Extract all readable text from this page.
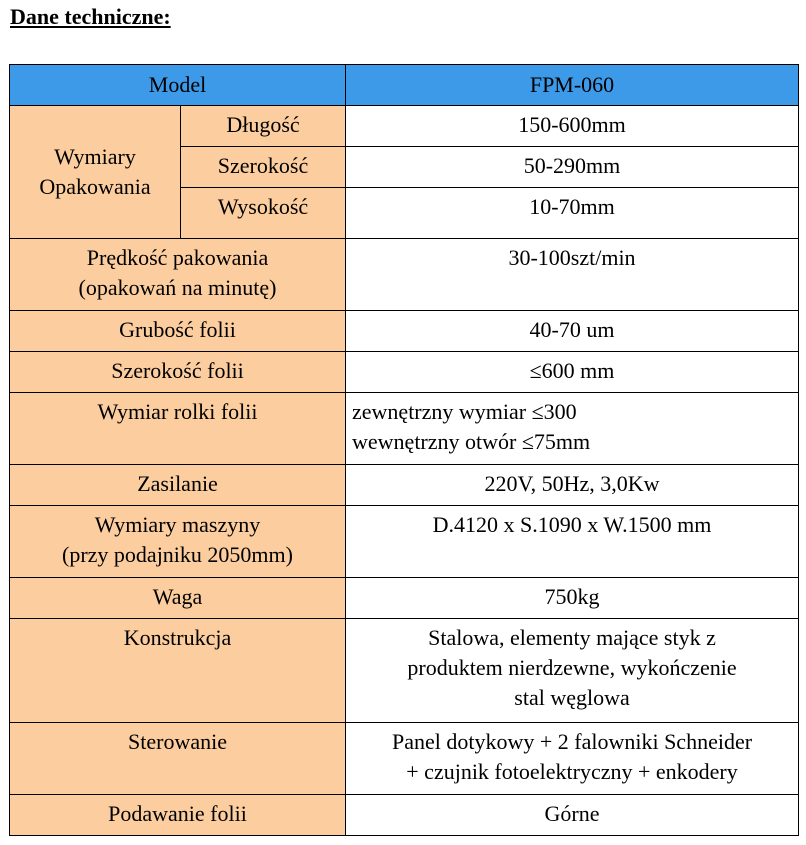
Dane techniczne:
Model		FPM-060

Wymiary
Opakowania	Długość	150-600mm
	Szerokość	50-290mm
	Wysokość	10-70mm

Prędkość pakowania
(opakowań na minutę)		30-100szt/min

Grubość folii		40-70 um

Szerokość folii		≤600 mm

Wymiar rolki folii		zewnętrzny wymiar ≤300
wewnętrzny otwór ≤75mm

Zasilanie		220V, 50Hz, 3,0Kw

Wymiary maszyny
(przy podajniku 2050mm)		D.4120 x S.1090 x W.1500 mm

Waga		750kg

Konstrukcja		Stalowa, elementy mające styk z
produktem nierdzewne, wykończenie
stal węglowa

Sterowanie		Panel dotykowy + 2 falowniki Schneider
+ czujnik fotoelektryczny + enkodery

Podawanie folii		Górne
